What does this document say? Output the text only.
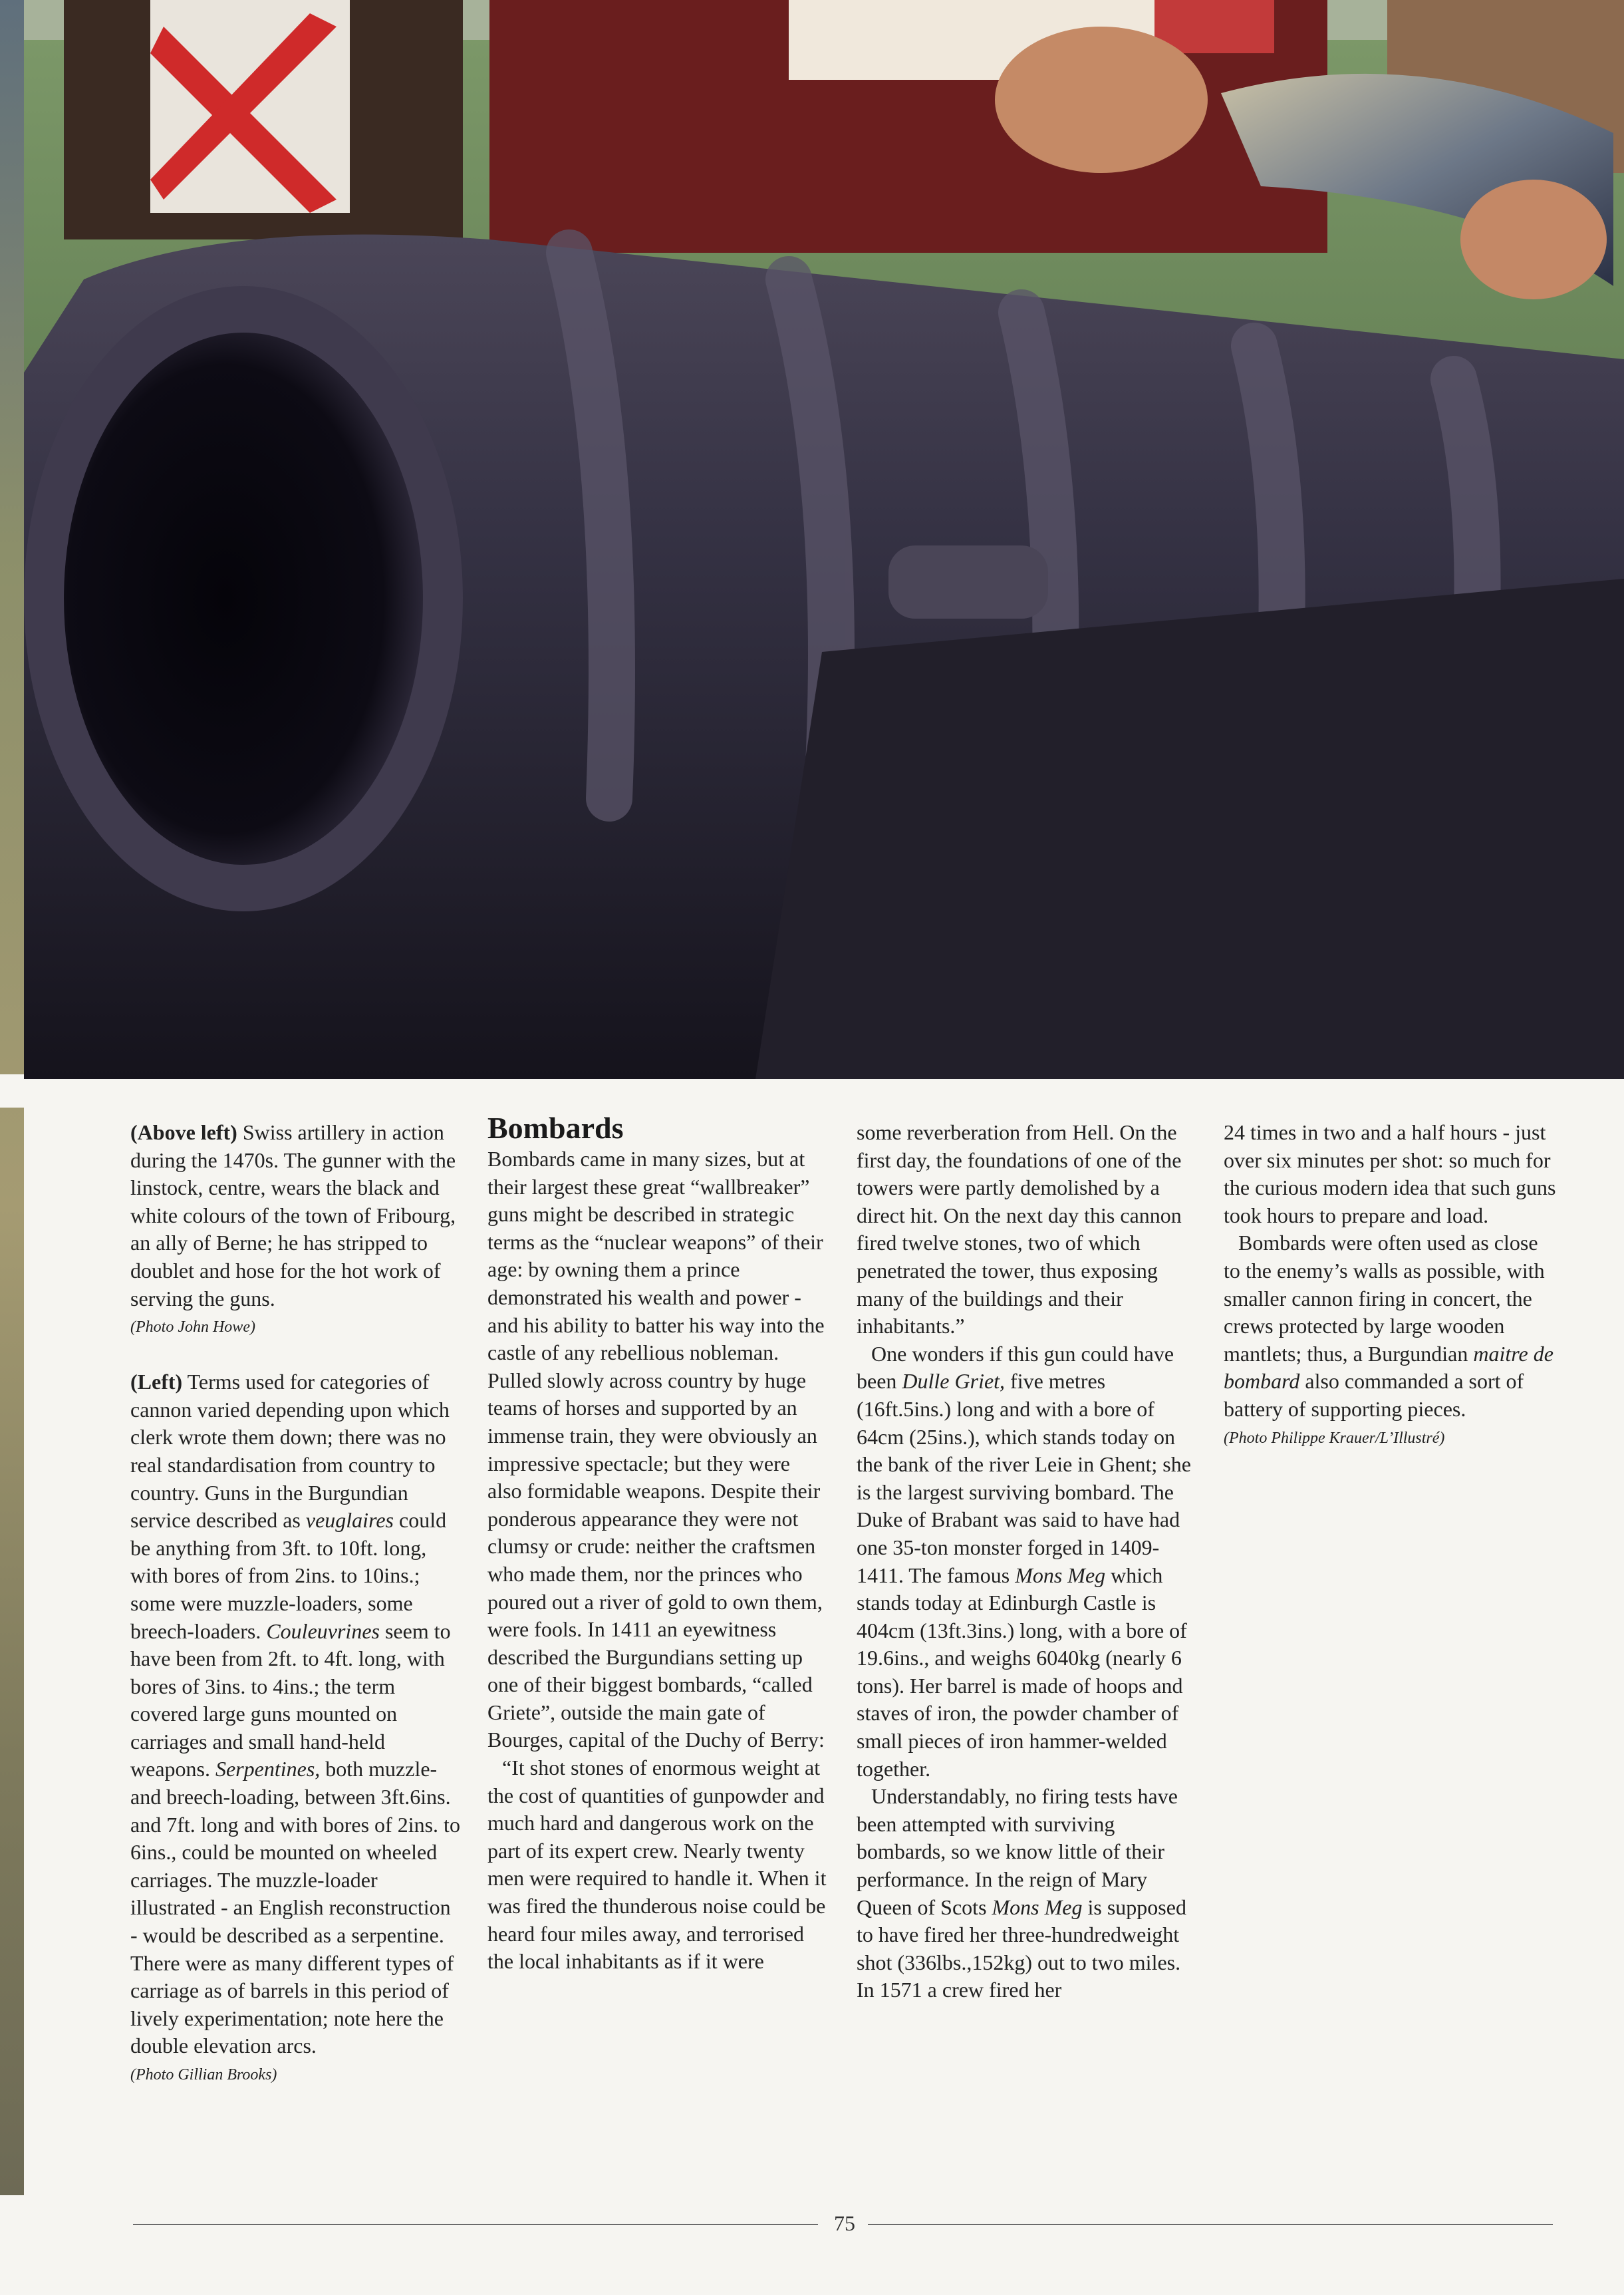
(Above left) Swiss artillery in action during the 1470s. The gunner with the linstock, centre, wears the black and white colours of the town of Fribourg, an ally of Berne; he has stripped to doublet and hose for the hot work of serving the guns.
(Photo John Howe)

(Left) Terms used for categories of cannon varied depending upon which clerk wrote them down; there was no real standardisation from country to country. Guns in the Burgundian service described as veuglaires could be anything from 3ft. to 10ft. long, with bores of from 2ins. to 10ins.; some were muzzle-loaders, some breech-loaders. Couleuvrines seem to have been from 2ft. to 4ft. long, with bores of 3ins. to 4ins.; the term covered large guns mounted on carriages and small hand-held weapons. Serpentines, both muzzle-and breech-loading, between 3ft.6ins. and 7ft. long and with bores of 2ins. to 6ins., could be mounted on wheeled carriages. The muzzle-loader illustrated - an English reconstruction - would be described as a serpentine. There were as many different types of carriage as of barrels in this period of lively experimentation; note here the double elevation arcs.
(Photo Gillian Brooks)

Bombards

Bombards came in many sizes, but at their largest these great “wallbreaker” guns might be described in strategic terms as the “nuclear weapons” of their age: by owning them a prince demonstrated his wealth and power - and his ability to batter his way into the castle of any rebellious nobleman. Pulled slowly across country by huge teams of horses and supported by an immense train, they were obviously an impressive spectacle; but they were also formidable weapons. Despite their ponderous appearance they were not clumsy or crude: neither the craftsmen who made them, nor the princes who poured out a river of gold to own them, were fools. In 1411 an eyewitness described the Burgundians setting up one of their biggest bombards, “called Griete”, outside the main gate of Bourges, capital of the Duchy of Berry:

“It shot stones of enormous weight at the cost of quantities of gunpowder and much hard and dangerous work on the part of its expert crew. Nearly twenty men were required to handle it. When it was fired the thunderous noise could be heard four miles away, and terrorised the local inhabitants as if it were

some reverberation from Hell. On the first day, the foundations of one of the towers were partly demolished by a direct hit. On the next day this cannon fired twelve stones, two of which penetrated the tower, thus exposing many of the buildings and their inhabitants.”

One wonders if this gun could have been Dulle Griet, five metres (16ft.5ins.) long and with a bore of 64cm (25ins.), which stands today on the bank of the river Leie in Ghent; she is the largest surviving bombard. The Duke of Brabant was said to have had one 35-ton monster forged in 1409-1411. The famous Mons Meg which stands today at Edinburgh Castle is 404cm (13ft.3ins.) long, with a bore of 19.6ins., and weighs 6040kg (nearly 6 tons). Her barrel is made of hoops and staves of iron, the powder chamber of small pieces of iron hammer-welded together.

Understandably, no firing tests have been attempted with surviving bombards, so we know little of their performance. In the reign of Mary Queen of Scots Mons Meg is supposed to have fired her three-hundredweight shot (336lbs.,152kg) out to two miles. In 1571 a crew fired her

24 times in two and a half hours - just over six minutes per shot: so much for the curious modern idea that such guns took hours to prepare and load.

Bombards were often used as close to the enemy’s walls as possible, with smaller cannon firing in concert, the crews protected by large wooden mantlets; thus, a Burgundian maitre de bombard also commanded a sort of battery of supporting pieces.

(Photo Philippe Krauer/L’Illustré)

75
